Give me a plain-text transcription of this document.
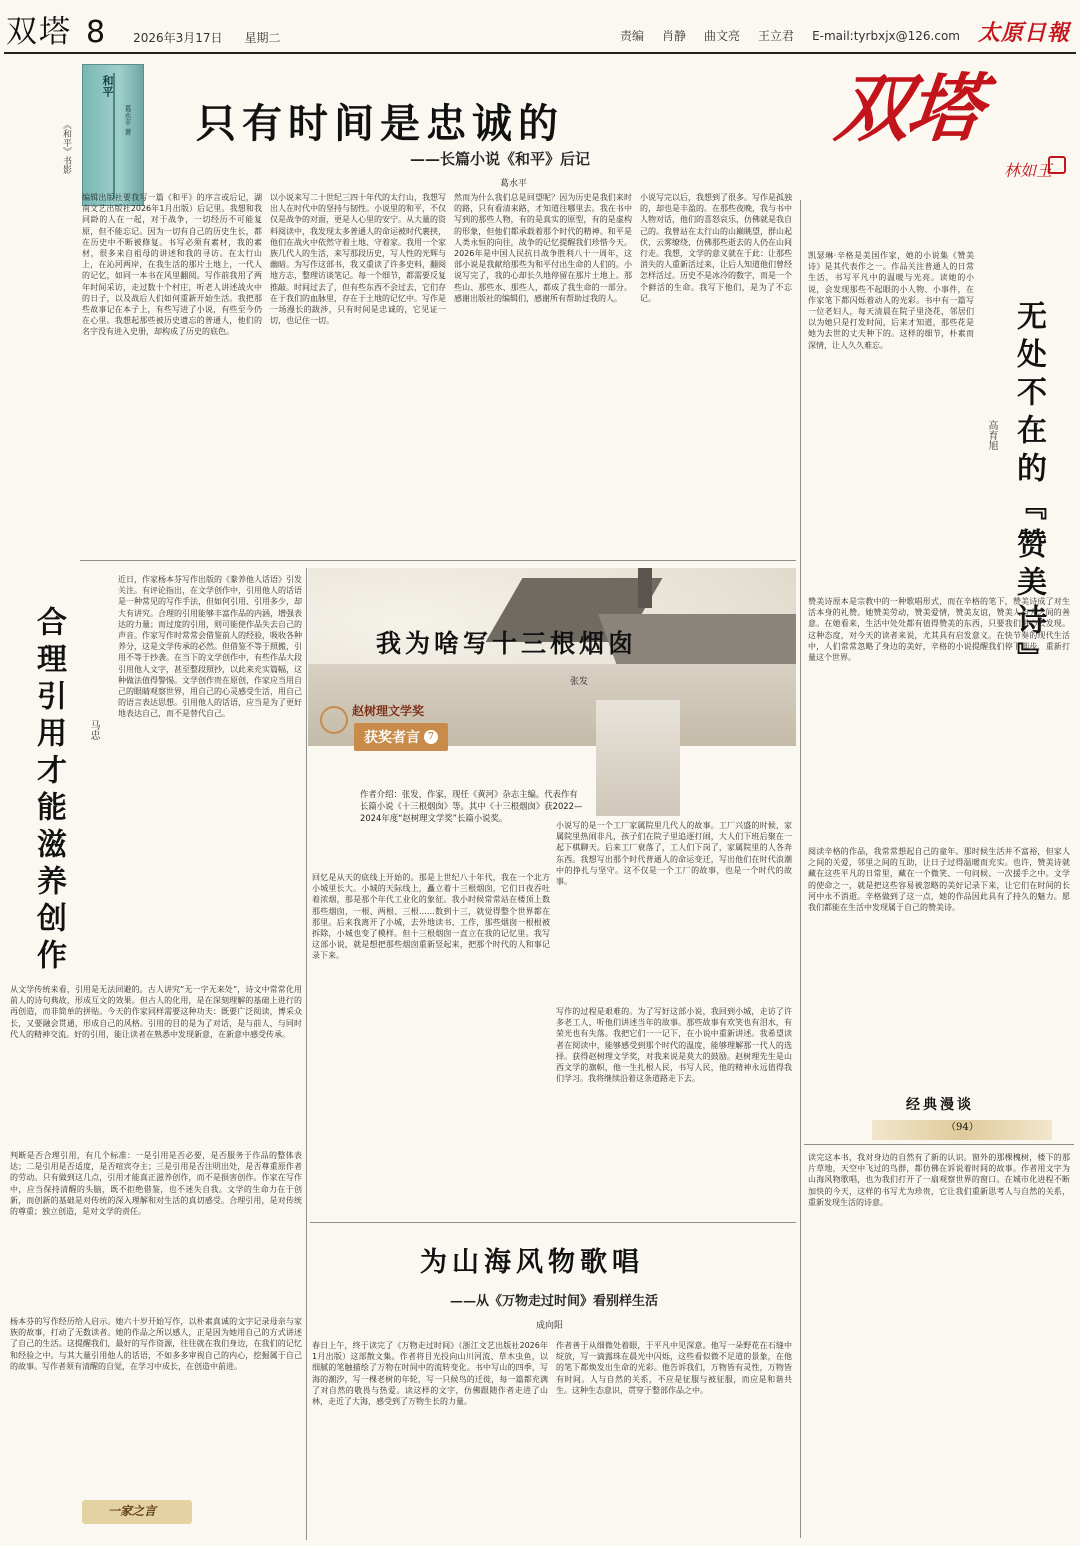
双塔 8 2026年3月17日 星期二	责编 肖静 曲文亮 王立君 E-mail:tyrbxjx@126.com 太原日報
和平
葛水平 著
《和平》书影	只有时间是忠诚的
——长篇小说《和平》后记
葛水平
双塔
林如玉
编辑出版社要我写一篇《和平》的序言或后记，湖南文艺出版社2026年1月出版）后记里。我想和我同龄的人在一起，对于战争，一切经历不可能复原，但不能忘记。因为一切有自己的历史生长，都在历史中不断被修复。书写必须有素材，我的素材，很多来自祖母的讲述和我的寻访。在太行山上，在沁河两岸，在我生活的那片土地上，一代人的记忆，如同一本书在风里翻阅。写作前我用了两年时间采访，走过数十个村庄，听老人讲述战火中的日子，以及战后人们如何重新开始生活。我把那些故事记在本子上，有些写进了小说，有些至今仍在心里。我想起那些被历史遗忘的普通人，他们的名字没有进入史册，却构成了历史的底色。
以小说来写二十世纪三四十年代的太行山，我想写出人在时代中的坚持与韧性。小说里的和平，不仅仅是战争的对面，更是人心里的安宁。从大量的资料阅读中，我发现太多普通人的命运被时代裹挟，他们在战火中依然守着土地、守着家。我用一个家族几代人的生活，来写那段历史，写人性的光辉与幽暗。为写作这部书，我又重读了许多史料，翻阅地方志，整理访谈笔记。每一个细节，都需要反复推敲。时间过去了，但有些东西不会过去，它们存在于我们的血脉里，存在于土地的记忆中。写作是一场漫长的跋涉，只有时间是忠诚的，它见证一切，也记住一切。
然而为什么我们总是回望呢？因为历史是我们来时的路，只有看清来路，才知道往哪里去。我在书中写到的那些人物，有的是真实的原型，有的是虚构的形象，但他们都承载着那个时代的精神。和平是人类永恒的向往，战争的记忆提醒我们珍惜今天。2026年是中国人民抗日战争胜利八十一周年，这部小说是我献给那些为和平付出生命的人们的。小说写完了，我的心却长久地停留在那片土地上。那些山、那些水、那些人，都成了我生命的一部分。感谢出版社的编辑们，感谢所有帮助过我的人。
小说写完以后，我想到了很多。写作是孤独的，却也是丰盈的。在那些夜晚，我与书中人物对话，他们的喜怒哀乐，仿佛就是我自己的。我曾站在太行山的山巅眺望，群山起伏，云雾缭绕，仿佛那些逝去的人仍在山间行走。我想，文学的意义就在于此：让那些消失的人重新活过来，让后人知道他们曾经怎样活过。历史不是冰冷的数字，而是一个个鲜活的生命。我写下他们，是为了不忘记。
无处不在的『赞美诗』
高育旭
凯瑟琳·辛格是美国作家，她的小说集《赞美诗》是其代表作之一。作品关注普通人的日常生活，书写平凡中的温暖与光亮。读她的小说，会发现那些不起眼的小人物、小事件，在作家笔下都闪烁着动人的光彩。书中有一篇写一位老妇人，每天清晨在院子里浇花，邻居们以为她只是打发时间，后来才知道，那些花是她为去世的丈夫种下的。这样的细节，朴素而深情，让人久久难忘。
赞美诗原本是宗教中的一种歌唱形式，而在辛格的笔下，赞美诗成了对生活本身的礼赞。她赞美劳动，赞美爱情，赞美友谊，赞美人与人之间的善意。在她看来，生活中处处都有值得赞美的东西，只要我们用心去发现。这种态度，对今天的读者来说，尤其具有启发意义。在快节奏的现代生活中，人们常常忽略了身边的美好，辛格的小说提醒我们停下脚步，重新打量这个世界。
阅读辛格的作品，我常常想起自己的童年。那时候生活并不富裕，但家人之间的关爱，邻里之间的互助，让日子过得温暖而充实。也许，赞美诗就藏在这些平凡的日常里，藏在一个微笑、一句问候、一次援手之中。文学的使命之一，就是把这些容易被忽略的美好记录下来，让它们在时间的长河中永不消逝。辛格做到了这一点，她的作品因此具有了持久的魅力。愿我们都能在生活中发现属于自己的赞美诗。
经典漫谈
（94）
合理引用才能滋养创作 马忠
近日，作家杨本芬写作出版的《豢养他人话语》引发关注。有评论指出，在文学创作中，引用他人的话语是一种常见的写作手法，但如何引用、引用多少，却大有讲究。合理的引用能够丰富作品的内涵，增强表达的力量；而过度的引用，则可能使作品失去自己的声音。作家写作时常常会借鉴前人的经验，吸收各种养分，这是文学传承的必然。但借鉴不等于照搬，引用不等于抄袭。在当下的文学创作中，有些作品大段引用他人文字，甚至整段照抄，以此来充实篇幅，这种做法值得警惕。文学创作贵在原创，作家应当用自己的眼睛观察世界，用自己的心灵感受生活，用自己的语言表达思想。引用他人的话语，应当是为了更好地表达自己，而不是替代自己。
从文学传统来看，引用是无法回避的。古人讲究“无一字无来处”，诗文中常常化用前人的诗句典故，形成互文的效果。但古人的化用，是在深刻理解的基础上进行的再创造，而非简单的拼贴。今天的作家同样需要这种功夫：既要广泛阅读，博采众长，又要融会贯通，形成自己的风格。引用的目的是为了对话，是与前人、与同时代人的精神交流。好的引用，能让读者在熟悉中发现新意，在新意中感受传承。
判断是否合理引用，有几个标准：一是引用是否必要，是否服务于作品的整体表达；二是引用是否适度，是否喧宾夺主；三是引用是否注明出处，是否尊重原作者的劳动。只有做到这几点，引用才能真正滋养创作，而不是损害创作。作家在写作中，应当保持清醒的头脑，既不拒绝借鉴，也不迷失自我。文学的生命力在于创新，而创新的基础是对传统的深入理解和对生活的真切感受。合理引用，是对传统的尊重；独立创造，是对文学的责任。
杨本芬的写作经历给人启示。她六十岁开始写作，以朴素真诚的文字记录母亲与家族的故事，打动了无数读者。她的作品之所以感人，正是因为她用自己的方式讲述了自己的生活。这提醒我们，最好的写作资源，往往就在我们身边，在我们的记忆和经验之中。与其大量引用他人的话语，不如多多审视自己的内心，挖掘属于自己的故事。写作者须有清醒的自觉，在学习中成长，在创造中前进。
一家之言
我为啥写十三根烟囱
张发
赵树理文学奖
获奖者言 7
作者介绍：张发，作家，现任《黄河》杂志主编。代表作有长篇小说《十三根烟囱》等。其中《十三根烟囱》获2022—2024年度“赵树理文学奖”长篇小说奖。
回忆是从天的底线上开始的。那是上世纪八十年代，我在一个北方小城里长大。小城的天际线上，矗立着十三根烟囱，它们日夜吞吐着浓烟，那是那个年代工业化的象征。我小时候常常站在楼顶上数那些烟囱，一根、两根、三根……数到十三，就觉得整个世界都在那里。后来我离开了小城，去外地读书、工作，那些烟囱一根根被拆除，小城也变了模样。但十三根烟囱一直立在我的记忆里。我写这部小说，就是想把那些烟囱重新竖起来，把那个时代的人和事记录下来。
小说写的是一个工厂家属院里几代人的故事。工厂兴盛的时候，家属院里热闹非凡，孩子们在院子里追逐打闹，大人们下班后聚在一起下棋聊天。后来工厂衰落了，工人们下岗了，家属院里的人各奔东西。我想写出那个时代普通人的命运变迁，写出他们在时代浪潮中的挣扎与坚守。这不仅是一个工厂的故事，也是一个时代的故事。
写作的过程是艰难的。为了写好这部小说，我回到小城，走访了许多老工人，听他们讲述当年的故事。那些故事有欢笑也有泪水，有荣光也有失落。我把它们一一记下，在小说中重新讲述。我希望读者在阅读中，能够感受到那个时代的温度，能够理解那一代人的选择。获得赵树理文学奖，对我来说是莫大的鼓励。赵树理先生是山西文学的旗帜，他一生扎根人民，书写人民，他的精神永远值得我们学习。我将继续沿着这条道路走下去。
为山海风物歌唱
——从《万物走过时间》看别样生活
成向阳
春日上午，终于读完了《万物走过时间》（浙江文艺出版社2026年1月出版）这部散文集。作者将目光投向山川河流、草木虫鱼，以细腻的笔触描绘了万物在时间中的流转变化。书中写山的四季，写海的潮汐，写一棵老树的年轮，写一只候鸟的迁徙，每一篇都充满了对自然的敬畏与热爱。读这样的文字，仿佛跟随作者走进了山林，走近了大海，感受到了万物生长的力量。
作者善于从细微处着眼，于平凡中见深意。他写一朵野花在石缝中绽放，写一滴露珠在晨光中闪烁，这些看似微不足道的景象，在他的笔下都焕发出生命的光彩。他告诉我们，万物皆有灵性，万物皆有时间。人与自然的关系，不应是征服与被征服，而应是和谐共生。这种生态意识，贯穿于整部作品之中。
读完这本书，我对身边的自然有了新的认识。窗外的那棵槐树，楼下的那片草地，天空中飞过的鸟群，都仿佛在诉说着时间的故事。作者用文字为山海风物歌唱，也为我们打开了一扇观察世界的窗口。在城市化进程不断加快的今天，这样的书写尤为珍贵，它让我们重新思考人与自然的关系，重新发现生活的诗意。
